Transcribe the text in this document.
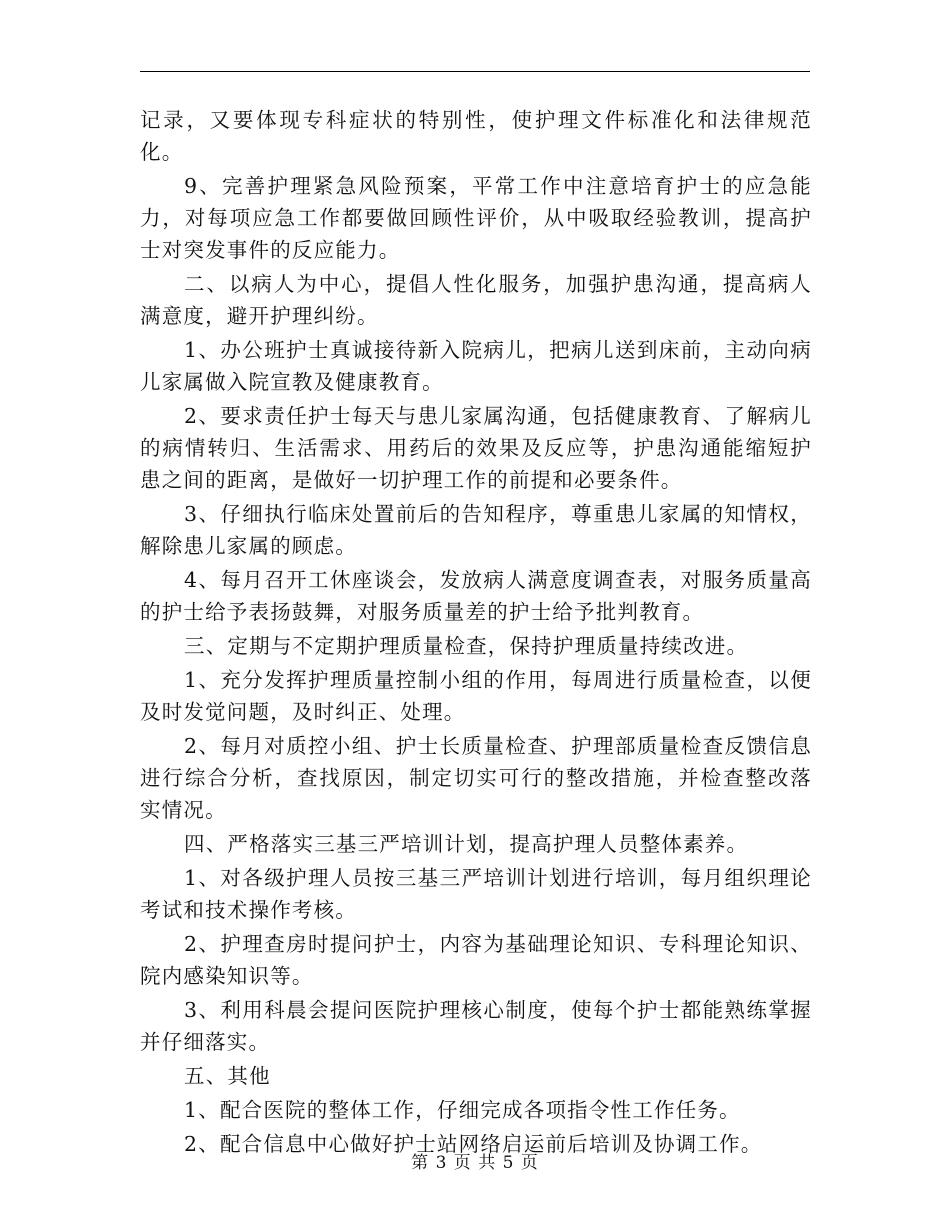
记录，又要体现专科症状的特别性，使护理文件标准化和法律规范化。

9、完善护理紧急风险预案，平常工作中注意培育护士的应急能力，对每项应急工作都要做回顾性评价，从中吸取经验教训，提高护士对突发事件的反应能力。

二、以病人为中心，提倡人性化服务，加强护患沟通，提高病人满意度，避开护理纠纷。

1、办公班护士真诚接待新入院病儿，把病儿送到床前，主动向病儿家属做入院宣教及健康教育。

2、要求责任护士每天与患儿家属沟通，包括健康教育、了解病儿的病情转归、生活需求、用药后的效果及反应等，护患沟通能缩短护患之间的距离，是做好一切护理工作的前提和必要条件。

3、仔细执行临床处置前后的告知程序，尊重患儿家属的知情权，解除患儿家属的顾虑。

4、每月召开工休座谈会，发放病人满意度调查表，对服务质量高的护士给予表扬鼓舞，对服务质量差的护士给予批判教育。

三、定期与不定期护理质量检查，保持护理质量持续改进。

1、充分发挥护理质量控制小组的作用，每周进行质量检查，以便及时发觉问题，及时纠正、处理。

2、每月对质控小组、护士长质量检查、护理部质量检查反馈信息进行综合分析，查找原因，制定切实可行的整改措施，并检查整改落实情况。

四、严格落实三基三严培训计划，提高护理人员整体素养。

1、对各级护理人员按三基三严培训计划进行培训，每月组织理论考试和技术操作考核。

2、护理查房时提问护士，内容为基础理论知识、专科理论知识、院内感染知识等。

3、利用科晨会提问医院护理核心制度，使每个护士都能熟练掌握并仔细落实。

五、其他

1、配合医院的整体工作，仔细完成各项指令性工作任务。

2、配合信息中心做好护士站网络启运前后培训及协调工作。

第 3 页 共 5 页
